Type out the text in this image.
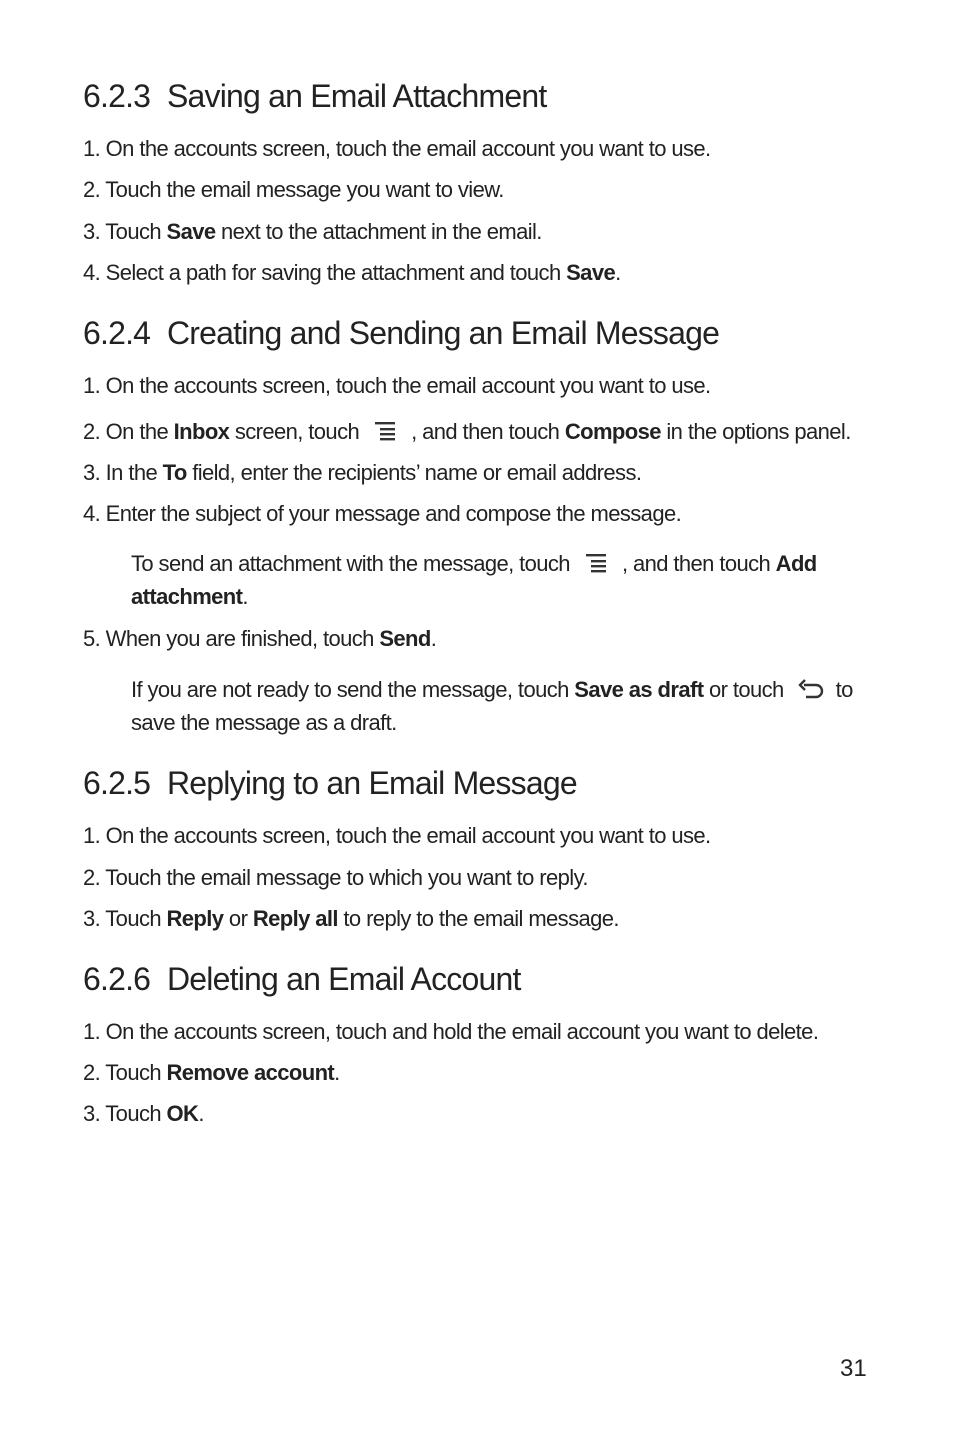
6.2.3 Saving an Email Attachment

1. On the accounts screen, touch the email account you want to use.

2. Touch the email message you want to view.

3. Touch Save next to the attachment in the email.

4. Select a path for saving the attachment and touch Save.

6.2.4 Creating and Sending an Email Message

1. On the accounts screen, touch the email account you want to use.

2. On the Inbox screen, touch , and then touch Compose in the options panel.

3. In the To field, enter the recipients’ name or email address.

4. Enter the subject of your message and compose the message.

To send an attachment with the message, touch , and then touch Add attachment.

5. When you are finished, touch Send.

If you are not ready to send the message, touch Save as draft or touch to save the message as a draft.

6.2.5 Replying to an Email Message

1. On the accounts screen, touch the email account you want to use.

2. Touch the email message to which you want to reply.

3. Touch Reply or Reply all to reply to the email message.

6.2.6 Deleting an Email Account

1. On the accounts screen, touch and hold the email account you want to delete.

2. Touch Remove account.

3. Touch OK.

31
